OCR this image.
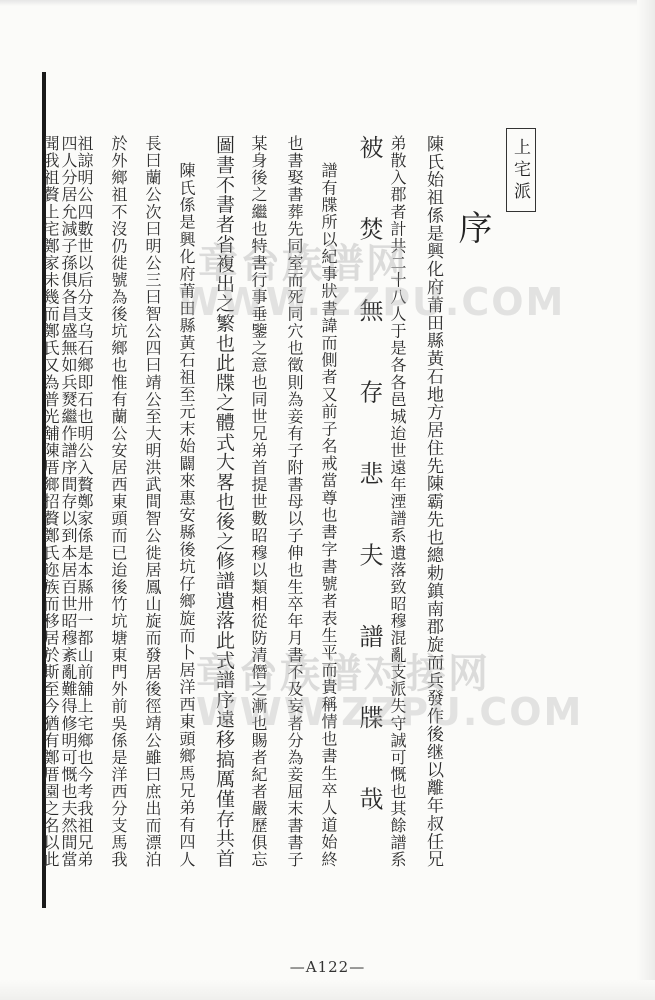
上宅派
序
陳氏始祖係是興化府莆田縣黃石地方居住先陳霸先也總勅鎮南郡旋而兵發作後继以離年叔任兄
弟散入郡者計共二十八人于是各各邑城迨世遠年湮譜系遺落致昭穆混亂支派失守誠可慨也其餘譜系
被焚無存悲夫譜牒哉
譜有牒所以紀事狀書諱而側者又前子名戒當尊也書字書號者表生平而貴稱情也書生卒人道始終
也書娶書葬先同室而死同穴也徵則為妾有子附書母以子伸也生卒年月書不及妄者分為妾屈末書書子
某身後之繼也特書行事垂鑒之意也同世兄弟首提世數昭穆以類相從防清僭之漸也賜者紀者嚴歷俱忘
圖書不書者省複出之繁也此牒之體式大畧也後之修譜遺落此式譜序遠移搞厲僅存共首
陳氏係是興化府莆田縣黃石祖至元末始闢來惠安縣後坑仔鄉旋而卜居洋西東頭鄉馬兄弟有四人
長曰蘭公次曰明公三曰智公四曰靖公至大明洪武間智公徙居鳳山旋而發居後徑靖公雖曰庶出而漂泊
於外鄉祖不沒仍徙號為後坑鄉也惟有蘭公安居西東頭而已迨後竹坑塘東門外前吳係是洋西分支馬我
祖諒明公四數世以后分支乌石鄉即石也明公入贅鄭家係是本縣卅一都山前舖上宅鄉也今考我祖兄弟
四人分居允減子孫俱各昌盛無如兵燹繼作譜序間存以到本居百世昭穆紊亂難得修明可慨也夫然間當	章台族谱网
WWW.ZZPU.COM
章台族谱对接网
WWW.ZZPU.COM
—A122—
聞我祖贅上宅鄭家未幾而鄭氏又為普光舖陳厝鄉招贅鄭氏迩族而移居於斯至今猶有鄭厝園之名以此
